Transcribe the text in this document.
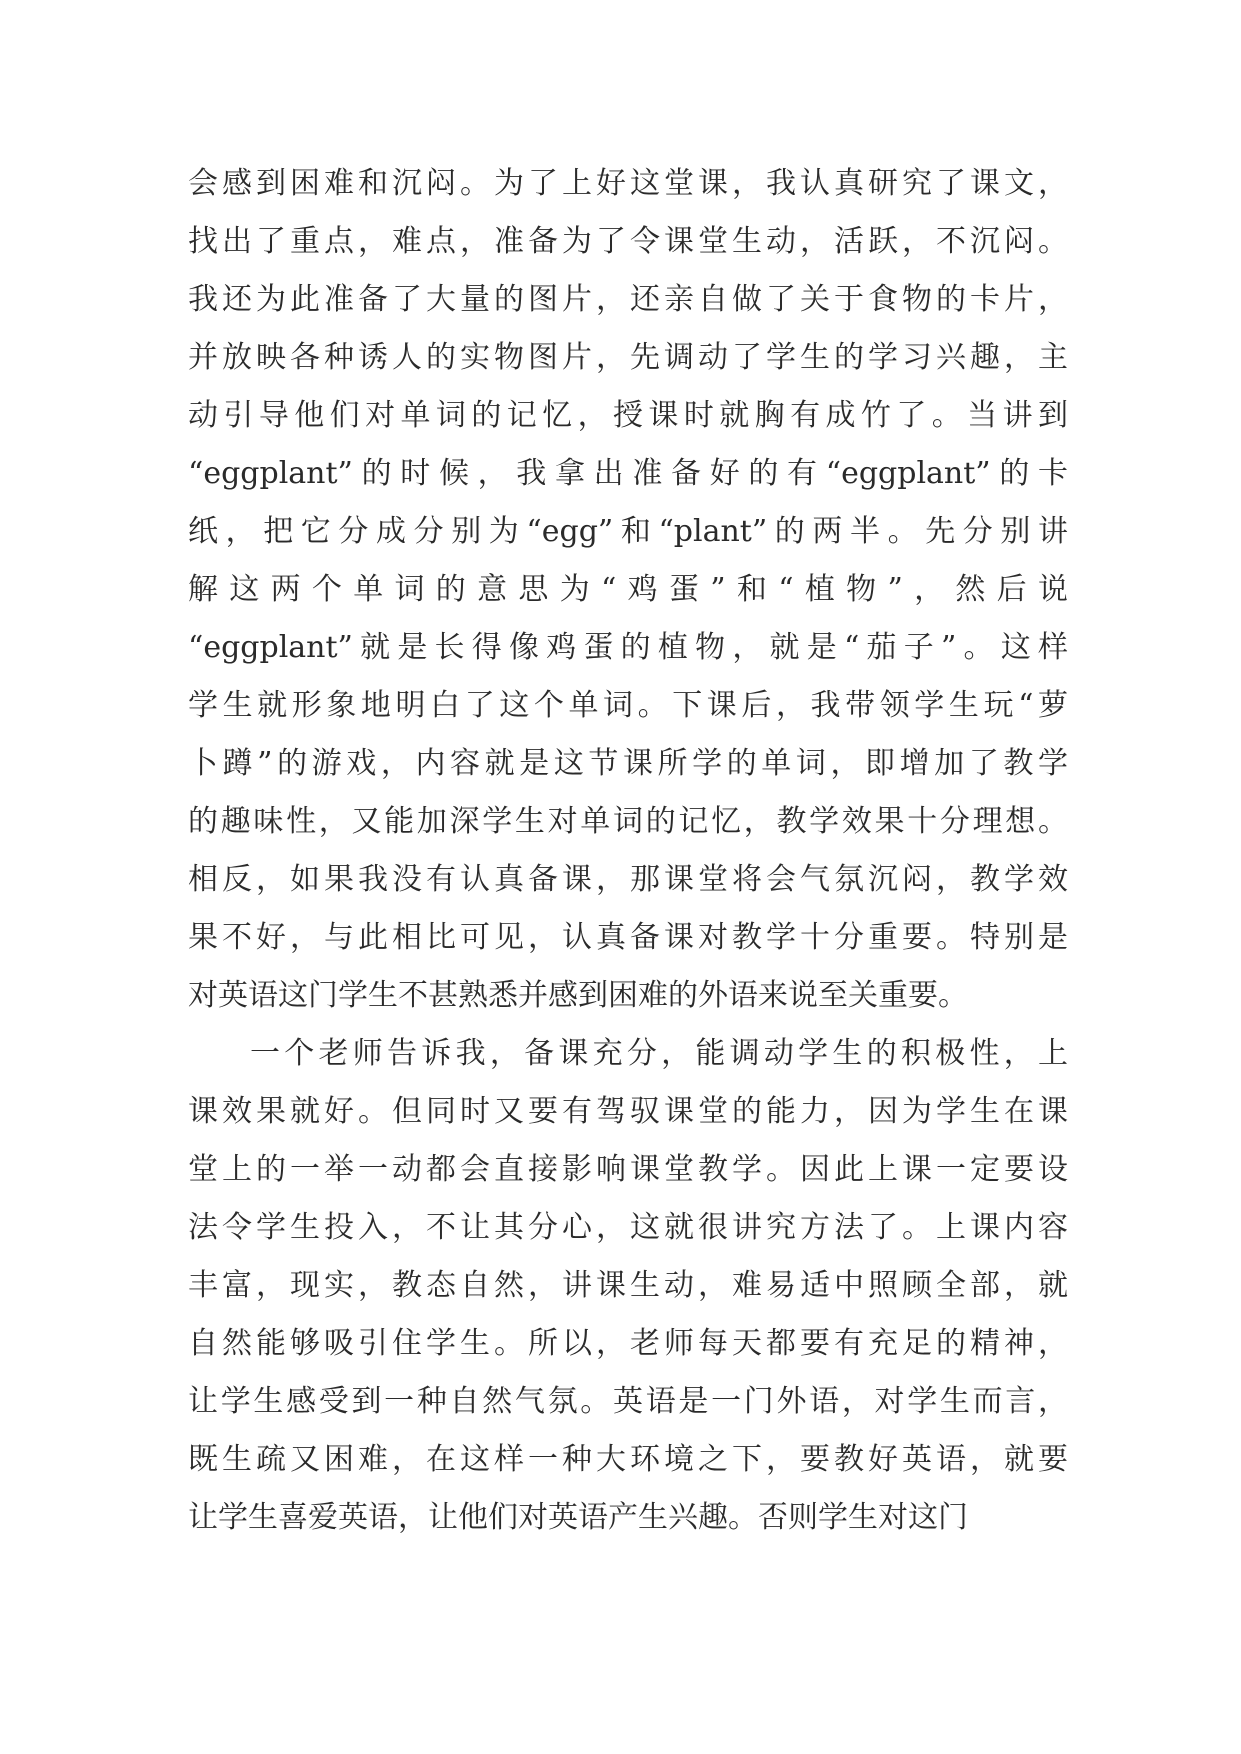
会感到困难和沉闷。为了上好这堂课，我认真研究了课文，
找出了重点，难点，准备为了令课堂生动，活跃，不沉闷。
我还为此准备了大量的图片，还亲自做了关于食物的卡片，
并放映各种诱人的实物图片，先调动了学生的学习兴趣，主
动引导他们对单词的记忆，授课时就胸有成竹了。当讲到
“eggplant”的时候，我拿出准备好的有“eggplant”的卡
纸，把它分成分别为“egg”和“plant”的两半。先分别讲
解这两个单词的意思为“鸡蛋”和“植物”，然后说
“eggplant”就是长得像鸡蛋的植物，就是“茄子”。这样
学生就形象地明白了这个单词。下课后，我带领学生玩“萝
卜蹲”的游戏，内容就是这节课所学的单词，即增加了教学
的趣味性，又能加深学生对单词的记忆，教学效果十分理想。
相反，如果我没有认真备课，那课堂将会气氛沉闷，教学效
果不好，与此相比可见，认真备课对教学十分重要。特别是
对英语这门学生不甚熟悉并感到困难的外语来说至关重要。
一个老师告诉我，备课充分，能调动学生的积极性，上
课效果就好。但同时又要有驾驭课堂的能力，因为学生在课
堂上的一举一动都会直接影响课堂教学。因此上课一定要设
法令学生投入，不让其分心，这就很讲究方法了。上课内容
丰富，现实，教态自然，讲课生动，难易适中照顾全部，就
自然能够吸引住学生。所以，老师每天都要有充足的精神，
让学生感受到一种自然气氛。英语是一门外语，对学生而言，
既生疏又困难，在这样一种大环境之下，要教好英语，就要
让学生喜爱英语，让他们对英语产生兴趣。否则学生对这门
